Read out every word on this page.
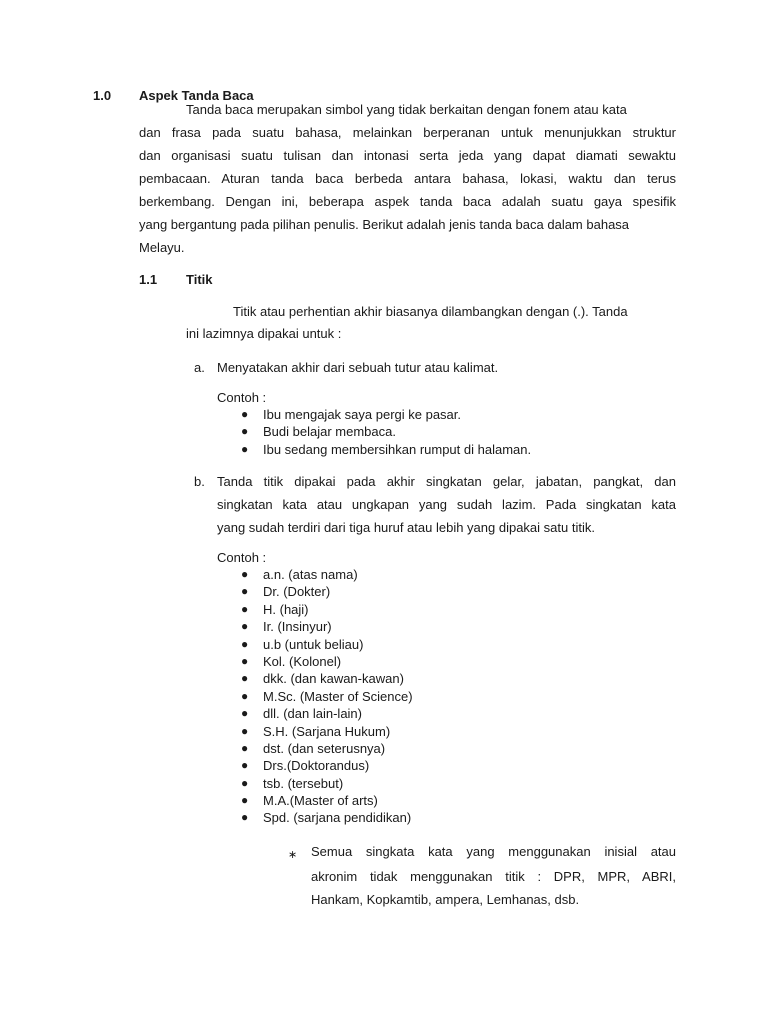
1.0 Aspek Tanda Baca
Tanda baca merupakan simbol yang tidak berkaitan dengan fonem atau kata
dan frasa pada suatu bahasa, melainkan berperanan untuk menunjukkan struktur
dan organisasi suatu tulisan dan intonasi serta jeda yang dapat diamati sewaktu
pembacaan. Aturan tanda baca berbeda antara bahasa, lokasi, waktu dan terus
berkembang. Dengan ini, beberapa aspek tanda baca adalah suatu gaya spesifik
yang bergantung pada pilihan penulis. Berikut adalah jenis tanda baca dalam bahasa
Melayu.
1.1 Titik
Titik atau perhentian akhir biasanya dilambangkan dengan (.). Tanda
ini lazimnya dipakai untuk :
a. Menyatakan akhir dari sebuah tutur atau kalimat.
Contoh :
● Ibu mengajak saya pergi ke pasar.
● Budi belajar membaca.
● Ibu sedang membersihkan rumput di halaman.
b. Tanda titik dipakai pada akhir singkatan gelar, jabatan, pangkat, dan
singkatan kata atau ungkapan yang sudah lazim. Pada singkatan kata
yang sudah terdiri dari tiga huruf atau lebih yang dipakai satu titik.
Contoh :
● a.n. (atas nama)
● Dr. (Dokter)
● H. (haji)
● Ir. (Insinyur)
● u.b (untuk beliau)
● Kol. (Kolonel)
● dkk. (dan kawan-kawan)
● M.Sc. (Master of Science)
● dll. (dan lain-lain)
● S.H. (Sarjana Hukum)
● dst. (dan seterusnya)
● Drs.(Doktorandus)
● tsb. (tersebut)
● M.A.(Master of arts)
● Spd. (sarjana pendidikan)
∗ Semua singkata kata yang menggunakan inisial atau
akronim tidak menggunakan titik : DPR, MPR, ABRI,
Hankam, Kopkamtib, ampera, Lemhanas, dsb.
